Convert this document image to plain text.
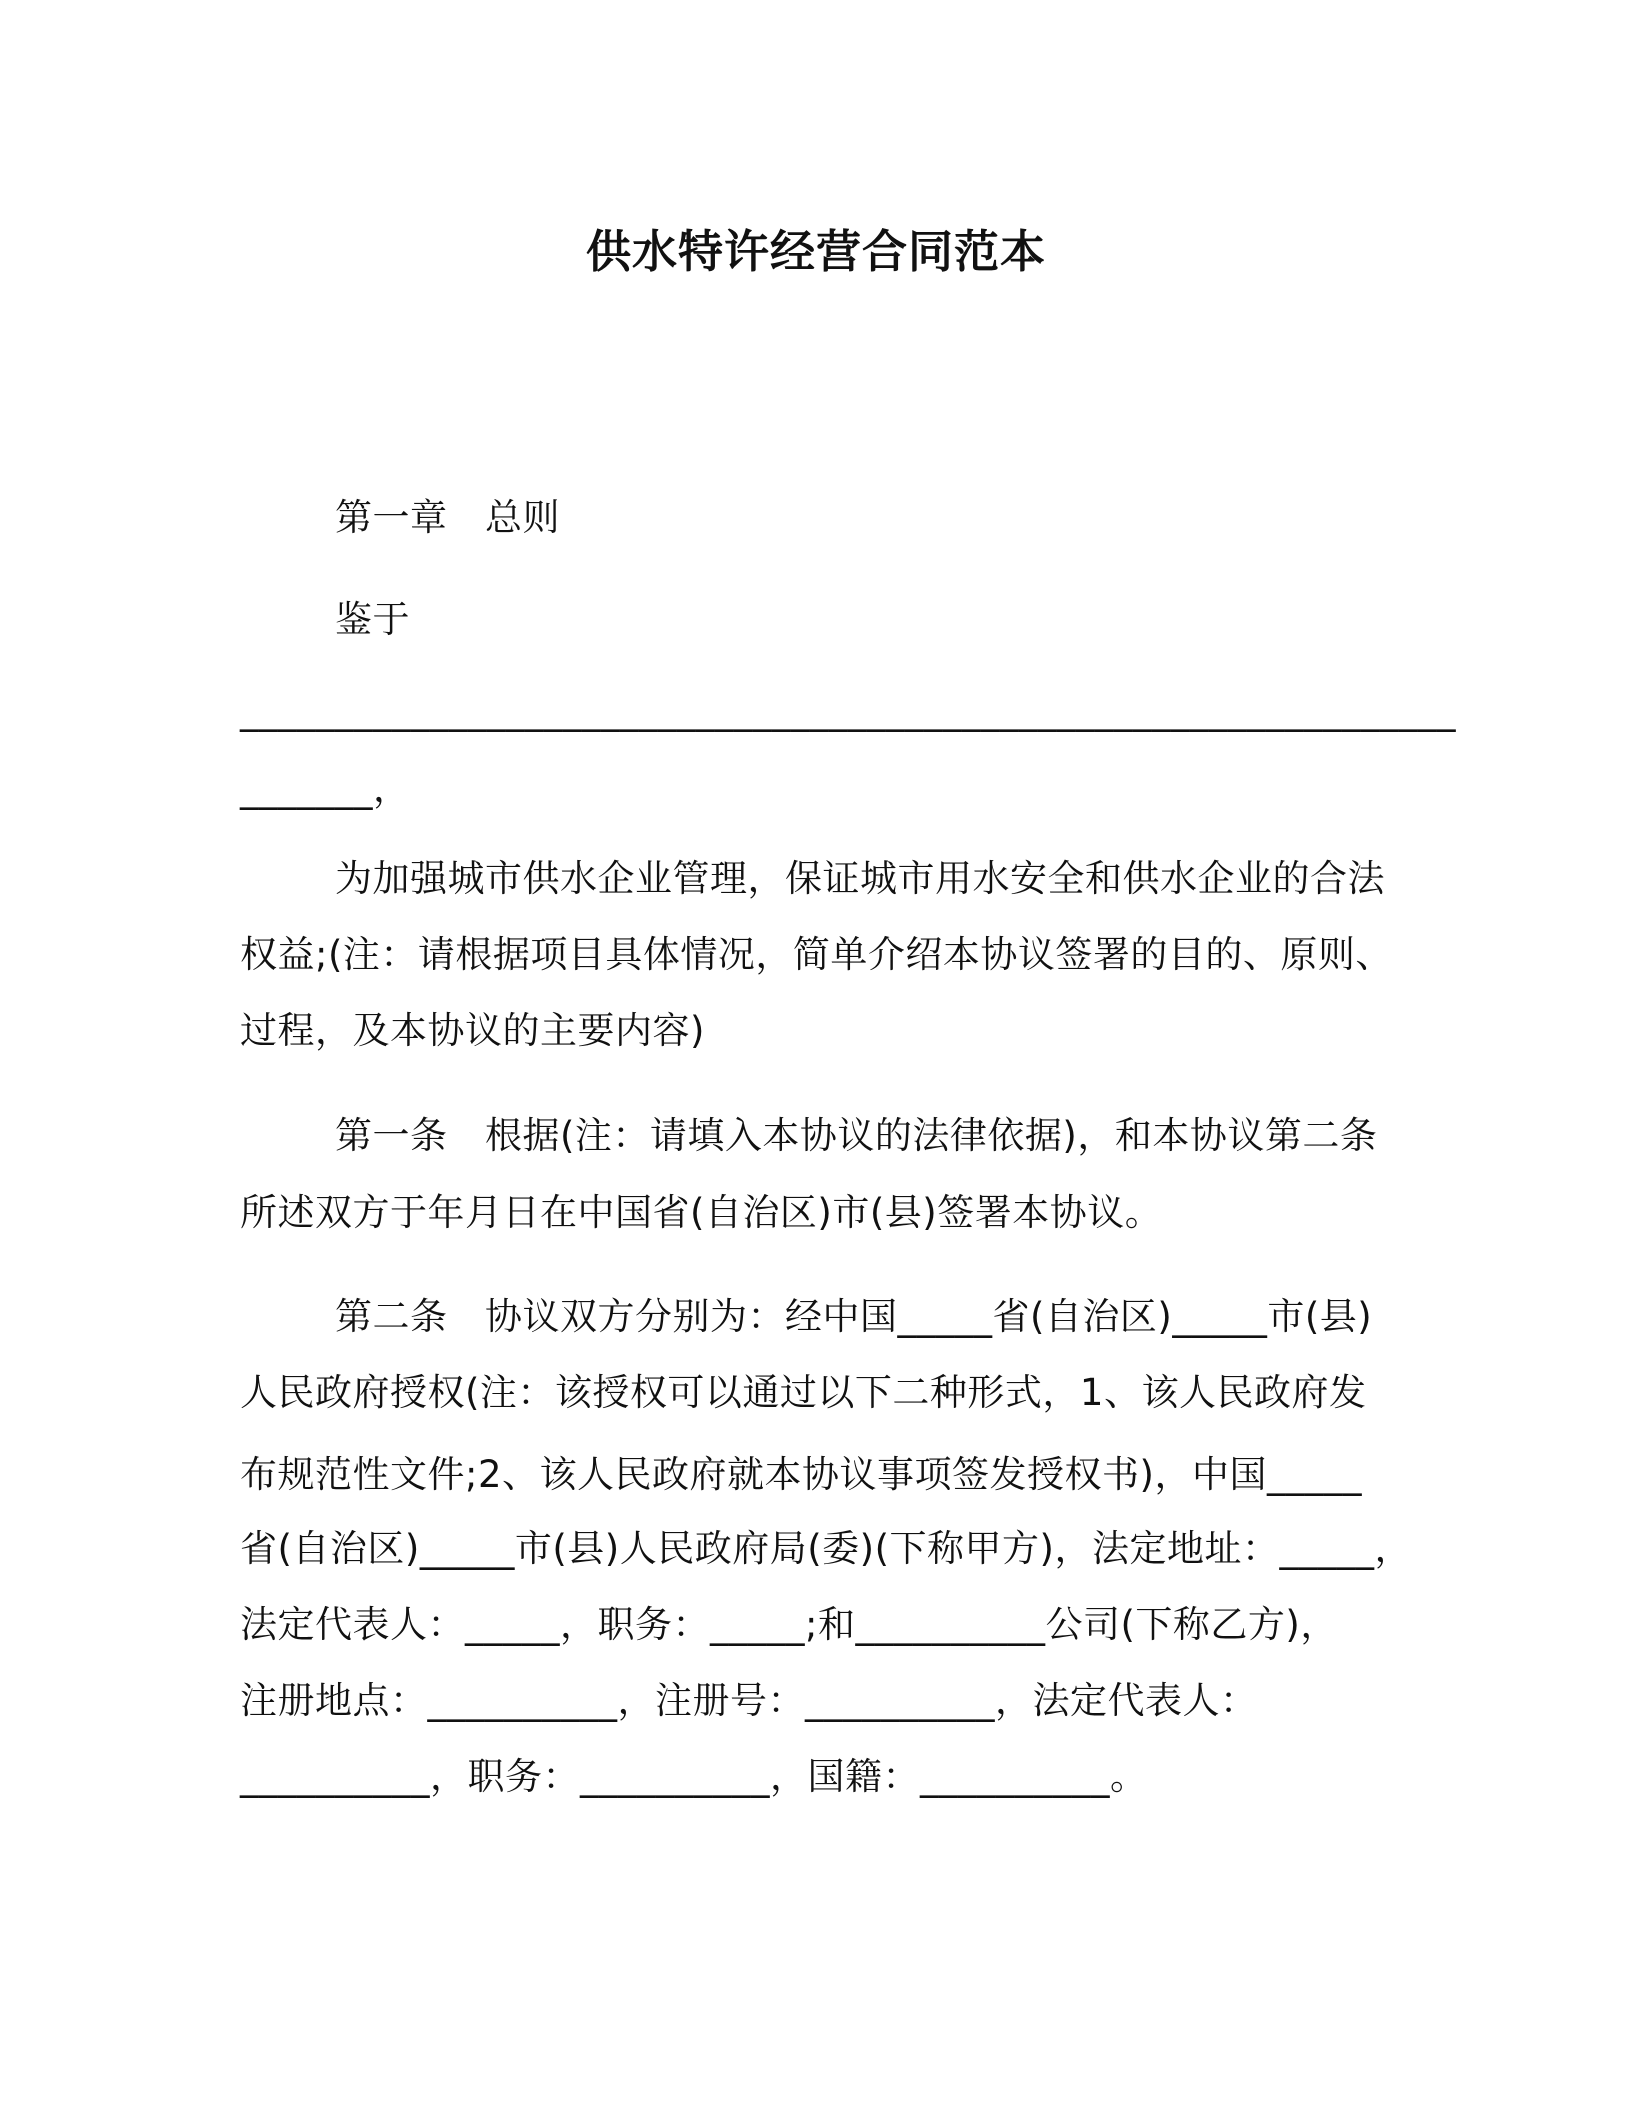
供水特许经营合同范本
第一章　总则
鉴于
________________________________________________________________
_______，
为加强城市供水企业管理，保证城市用水安全和供水企业的合法
权益;(注：请根据项目具体情况，简单介绍本协议签署的目的、原则、
过程，及本协议的主要内容)
第一条　根据(注：请填入本协议的法律依据)，和本协议第二条
所述双方于年月日在中国省(自治区)市(县)签署本协议。
第二条　协议双方分别为：经中国_____省(自治区)_____市(县)
人民政府授权(注：该授权可以通过以下二种形式，1、该人民政府发
布规范性文件;2、该人民政府就本协议事项签发授权书)，中国_____
省(自治区)_____市(县)人民政府局(委)(下称甲方)，法定地址：_____，
法定代表人：_____，职务：_____;和__________公司(下称乙方)，
注册地点：__________，注册号：__________，法定代表人：
__________，职务：__________，国籍：__________。
